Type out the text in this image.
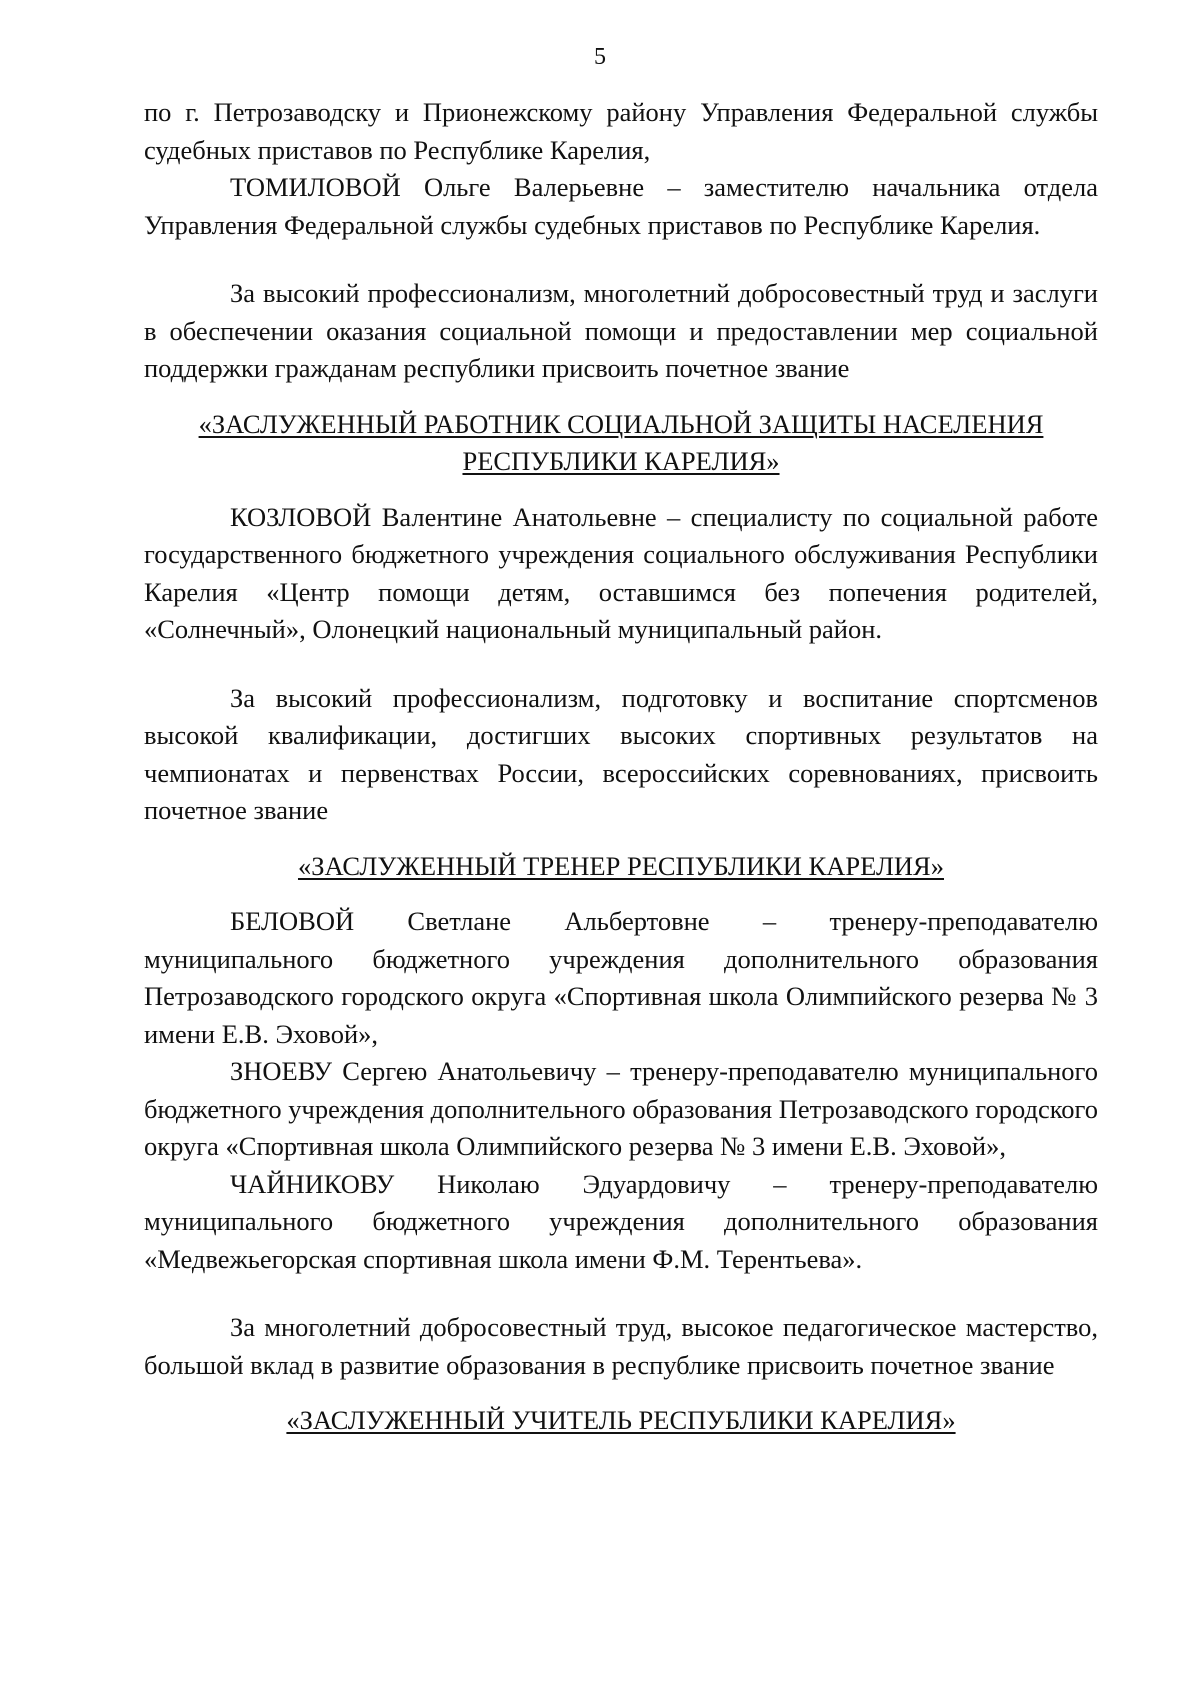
5

по г. Петрозаводску и Прионежскому району Управления Федеральной службы судебных приставов по Республике Карелия,

ТОМИЛОВОЙ Ольге Валерьевне – заместителю начальника отдела Управления Федеральной службы судебных приставов по Республике Карелия.

За высокий профессионализм, многолетний добросовестный труд и заслуги в обеспечении оказания социальной помощи и предоставлении мер социальной поддержки гражданам республики присвоить почетное звание

«ЗАСЛУЖЕННЫЙ РАБОТНИК СОЦИАЛЬНОЙ ЗАЩИТЫ НАСЕЛЕНИЯ

РЕСПУБЛИКИ КАРЕЛИЯ»

КОЗЛОВОЙ Валентине Анатольевне – специалисту по социальной работе государственного бюджетного учреждения социального обслуживания Республики Карелия «Центр помощи детям, оставшимся без попечения родителей, «Солнечный», Олонецкий национальный муниципальный район.

За высокий профессионализм, подготовку и воспитание спортсменов высокой квалификации, достигших высоких спортивных результатов на чемпионатах и первенствах России, всероссийских соревнованиях, присвоить почетное звание

«ЗАСЛУЖЕННЫЙ ТРЕНЕР РЕСПУБЛИКИ КАРЕЛИЯ»

БЕЛОВОЙ Светлане Альбертовне – тренеру-преподавателю муниципального бюджетного учреждения дополнительного образования Петрозаводского городского округа «Спортивная школа Олимпийского резерва № 3 имени Е.В. Эховой»,

ЗНОЕВУ Сергею Анатольевичу – тренеру-преподавателю муниципального бюджетного учреждения дополнительного образования Петрозаводского городского округа «Спортивная школа Олимпийского резерва № 3 имени Е.В. Эховой»,

ЧАЙНИКОВУ Николаю Эдуардовичу – тренеру-преподавателю муниципального бюджетного учреждения дополнительного образования «Медвежьегорская спортивная школа имени Ф.М. Терентьева».

За многолетний добросовестный труд, высокое педагогическое мастерство, большой вклад в развитие образования в республике присвоить почетное звание

«ЗАСЛУЖЕННЫЙ УЧИТЕЛЬ РЕСПУБЛИКИ КАРЕЛИЯ»
